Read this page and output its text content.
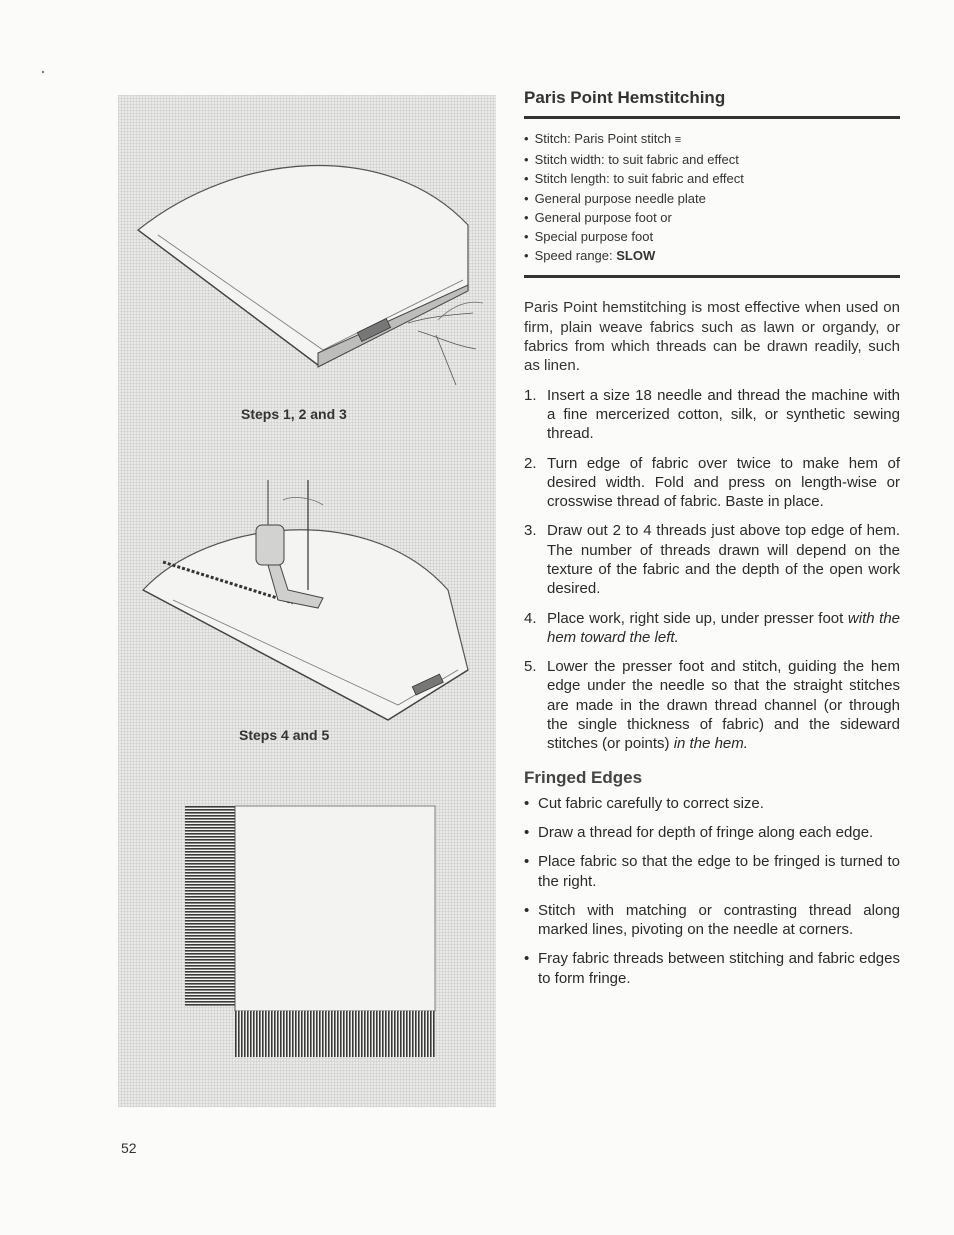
Steps 1, 2 and 3
Steps 4 and 5
Paris Point Hemstitching
• Stitch: Paris Point stitch ≡
• Stitch width: to suit fabric and effect
• Stitch length: to suit fabric and effect
• General purpose needle plate
• General purpose foot or
• Special purpose foot
• Speed range: SLOW

Paris Point hemstitching is most effective when used on firm, plain weave fabrics such as lawn or organdy, or fabrics from which threads can be drawn readily, such as linen.

1. Insert a size 18 needle and thread the machine with a fine mercerized cotton, silk, or synthetic sewing thread.
2. Turn edge of fabric over twice to make hem of desired width. Fold and press on length-wise or crosswise thread of fabric. Baste in place.
3. Draw out 2 to 4 threads just above top edge of hem. The number of threads drawn will depend on the texture of the fabric and the depth of the open work desired.
4. Place work, right side up, under presser foot with the hem toward the left.
5. Lower the presser foot and stitch, guiding the hem edge under the needle so that the straight stitches are made in the drawn thread channel (or through the single thickness of fabric) and the sideward stitches (or points) in the hem.
Fringed Edges
• Cut fabric carefully to correct size.
• Draw a thread for depth of fringe along each edge.
• Place fabric so that the edge to be fringed is turned to the right.
• Stitch with matching or contrasting thread along marked lines, pivoting on the needle at corners.
• Fray fabric threads between stitching and fabric edges to form fringe.
52
